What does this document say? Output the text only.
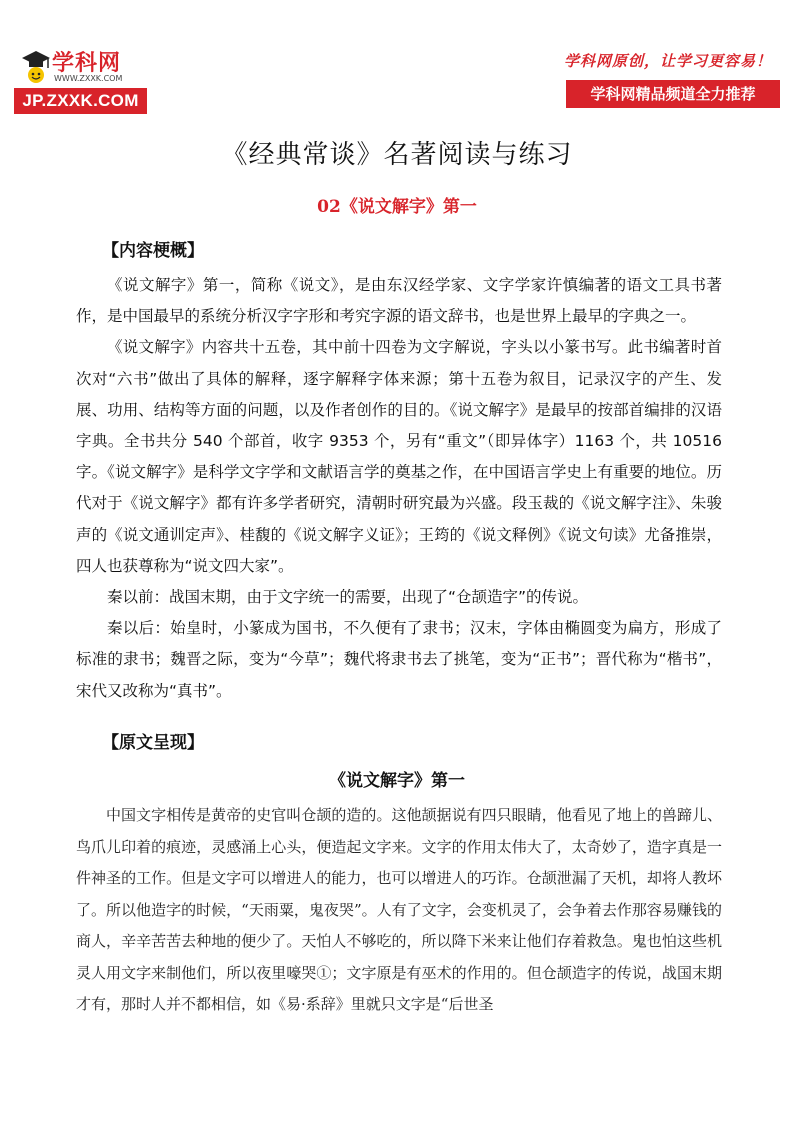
学科网
WWW.ZXXK.COM
JP.ZXXK.COM
学科网原创，让学习更容易！
学科网精品频道全力推荐
《经典常谈》名著阅读与练习
02《说文解字》第一
【内容梗概】

《说文解字》第一，简称《说文》，是由东汉经学家、文字学家许慎编著的语文工具书著作，是中国最早的系统分析汉字字形和考究字源的语文辞书，也是世界上最早的字典之一。

《说文解字》内容共十五卷，其中前十四卷为文字解说，字头以小篆书写。此书编著时首次对“六书”做出了具体的解释，逐字解释字体来源；第十五卷为叙目，记录汉字的产生、发展、功用、结构等方面的问题，以及作者创作的目的。《说文解字》是最早的按部首编排的汉语字典。全书共分 540 个部首，收字 9353 个，另有“重文”（即异体字）1163 个，共 10516 字。《说文解字》是科学文字学和文献语言学的奠基之作，在中国语言学史上有重要的地位。历代对于《说文解字》都有许多学者研究，清朝时研究最为兴盛。段玉裁的《说文解字注》、朱骏声的《说文通训定声》、桂馥的《说文解字义证》；王筠的《说文释例》《说文句读》尤备推崇，四人也获尊称为“说文四大家”。

秦以前：战国末期，由于文字统一的需要，出现了“仓颉造字”的传说。

秦以后：始皇时，小篆成为国书，不久便有了隶书；汉末，字体由椭圆变为扁方，形成了标准的隶书；魏晋之际，变为“今草”；魏代将隶书去了挑笔，变为“正书”；晋代称为“楷书”，宋代又改称为“真书”。

【原文呈现】
《说文解字》第一

中国文字相传是黄帝的史官叫仓颉的造的。这他颉据说有四只眼睛，他看见了地上的兽蹄儿、鸟爪儿印着的痕迹，灵感涌上心头，便造起文字来。文字的作用太伟大了，太奇妙了，造字真是一件神圣的工作。但是文字可以增进人的能力，也可以增进人的巧诈。仓颉泄漏了天机，却将人教坏了。所以他造字的时候，“天雨粟，鬼夜哭”。人有了文字，会变机灵了，会争着去作那容易赚钱的商人，辛辛苦苦去种地的便少了。天怕人不够吃的，所以降下米来让他们存着救急。鬼也怕这些机灵人用文字来制他们，所以夜里嚎哭①；文字原是有巫术的作用的。但仓颉造字的传说，战国末期才有，那时人并不都相信，如《易·系辞》里就只文字是“后世圣
